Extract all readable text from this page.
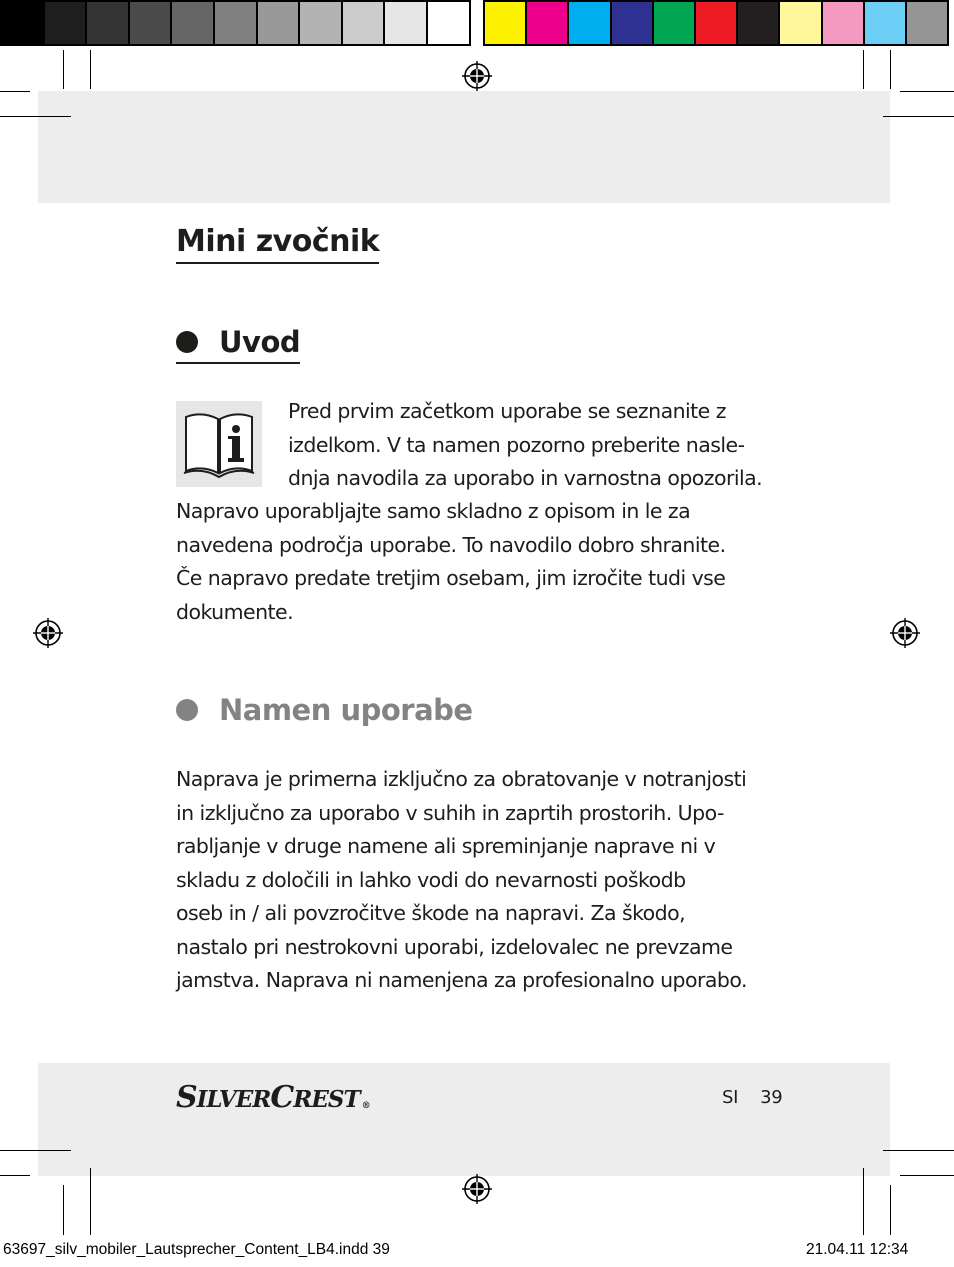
Mini zvočnik
Uvod
Pred prvim začetkom uporabe se seznanite z
izdelkom. V ta namen pozorno preberite nasle-
dnja navodila za uporabo in varnostna opozorila.
Napravo uporabljajte samo skladno z opisom in le za
navedena področja uporabe. To navodilo dobro shranite.
Če napravo predate tretjim osebam, jim izročite tudi vse
dokumente.
Namen uporabe
Naprava je primerna izključno za obratovanje v notranjosti
in izključno za uporabo v suhih in zaprtih prostorih. Upo-
rabljanje v druge namene ali spreminjanje naprave ni v
skladu z določili in lahko vodi do nevarnosti poškodb
oseb in / ali povzročitve škode na napravi. Za škodo,
nastalo pri nestrokovni uporabi, izdelovalec ne prevzame
jamstva. Naprava ni namenjena za profesionalno uporabo.
SILVERCREST ®	SI 39
63697_silv_mobiler_Lautsprecher_Content_LB4.indd 39	21.04.11 12:34
